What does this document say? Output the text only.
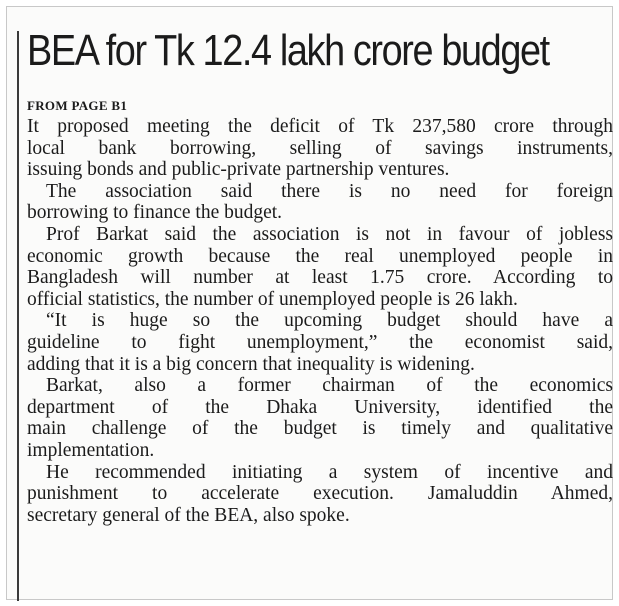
BEA for Tk 12.4 lakh crore budget
FROM PAGE B1

It proposed meeting the deficit of Tk 237,580 crore through
local bank borrowing, selling of savings instruments,
issuing bonds and public-private partnership ventures.

The association said there is no need for foreign
borrowing to finance the budget.

Prof Barkat said the association is not in favour of jobless
economic growth because the real unemployed people in
Bangladesh will number at least 1.75 crore. According to
official statistics, the number of unemployed people is 26 lakh.

“It is huge so the upcoming budget should have a
guideline to fight unemployment,” the economist said,
adding that it is a big concern that inequality is widening.

Barkat, also a former chairman of the economics
department of the Dhaka University, identified the
main challenge of the budget is timely and qualitative
implementation.

He recommended initiating a system of incentive and
punishment to accelerate execution. Jamaluddin Ahmed,
secretary general of the BEA, also spoke.
